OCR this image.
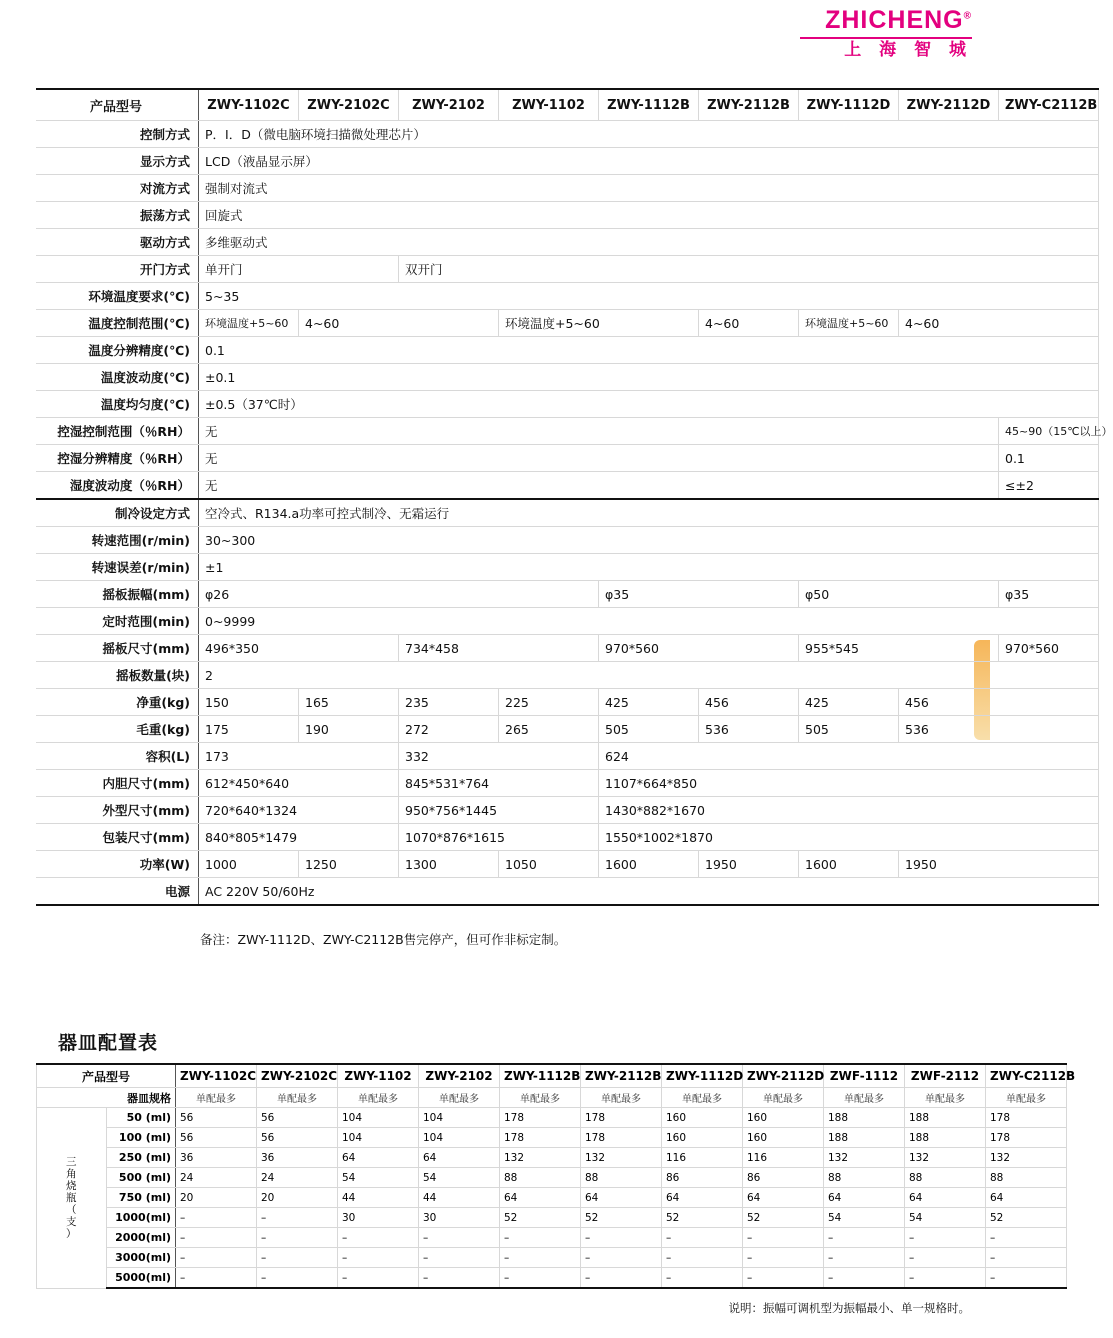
ZHICHENG®
上 海 智 城
产品型号	ZWY-1102C	ZWY-2102C	ZWY-2102	ZWY-1102	ZWY-1112B	ZWY-2112B	ZWY-1112D	ZWY-2112D	ZWY-C2112B
控制方式	P．I．D（微电脑环境扫描微处理芯片）								
显示方式	LCD（液晶显示屏）								
对流方式	强制对流式								
振荡方式	回旋式								
驱动方式	多维驱动式								
开门方式	单开门		双开门						
环境温度要求(℃)	5~35								
温度控制范围(℃)	环境温度+5~60	4~60		环境温度+5~60		4~60	环境温度+5~60	4~60	
温度分辨精度(℃)	0.1								
温度波动度(℃)	±0.1								
温度均匀度(℃)	±0.5（37℃时）								
控湿控制范围（％RH）	无								45~90（15℃以上）
控湿分辨精度（％RH）	无								0.1
湿度波动度（％RH）	无								≤±2
制冷设定方式	空冷式、R134.a功率可控式制冷、无霜运行								
转速范围(r/min)	30~300								
转速误差(r/min)	±1								
摇板振幅(mm)	φ26				φ35		φ50		φ35
定时范围(min)	0~9999								
摇板尺寸(mm)	496*350		734*458		970*560		955*545		970*560
摇板数量(块)	2								
净重(kg)	150	165	235	225	425	456	425	456	
毛重(kg)	175	190	272	265	505	536	505	536	
容积(L)	173		332		624				
内胆尺寸(mm)	612*450*640		845*531*764		1107*664*850				
外型尺寸(mm)	720*640*1324		950*756*1445		1430*882*1670				
包装尺寸(mm)	840*805*1479		1070*876*1615		1550*1002*1870				
功率(W)	1000	1250	1300	1050	1600	1950	1600	1950	
电源	AC 220V 50/60Hz								
备注：ZWY-1112D、ZWY-C2112B售完停产，但可作非标定制。
器皿配置表
产品型号		ZWY-1102C	ZWY-2102C	ZWY-1102	ZWY-2102	ZWY-1112B	ZWY-2112B	ZWY-1112D	ZWY-2112D	ZWF-1112	ZWF-2112	ZWY-C2112B
器皿规格		单配最多	单配最多	单配最多	单配最多	单配最多	单配最多	单配最多	单配最多	单配最多	单配最多	单配最多
三
角
烧
瓶
（
支
）	50 (ml)	56	56	104	104	178	178	160	160	188	188	178
	100 (ml)	56	56	104	104	178	178	160	160	188	188	178
	250 (ml)	36	36	64	64	132	132	116	116	132	132	132
	500 (ml)	24	24	54	54	88	88	86	86	88	88	88
	750 (ml)	20	20	44	44	64	64	64	64	64	64	64
	1000(ml)	–	–	30	30	52	52	52	52	54	54	52
	2000(ml)	–	–	–	–	–	–	–	–	–	–	–
	3000(ml)	–	–	–	–	–	–	–	–	–	–	–
	5000(ml)	–	–	–	–	–	–	–	–	–	–	–
说明：振幅可调机型为振幅最小、单一规格时。
